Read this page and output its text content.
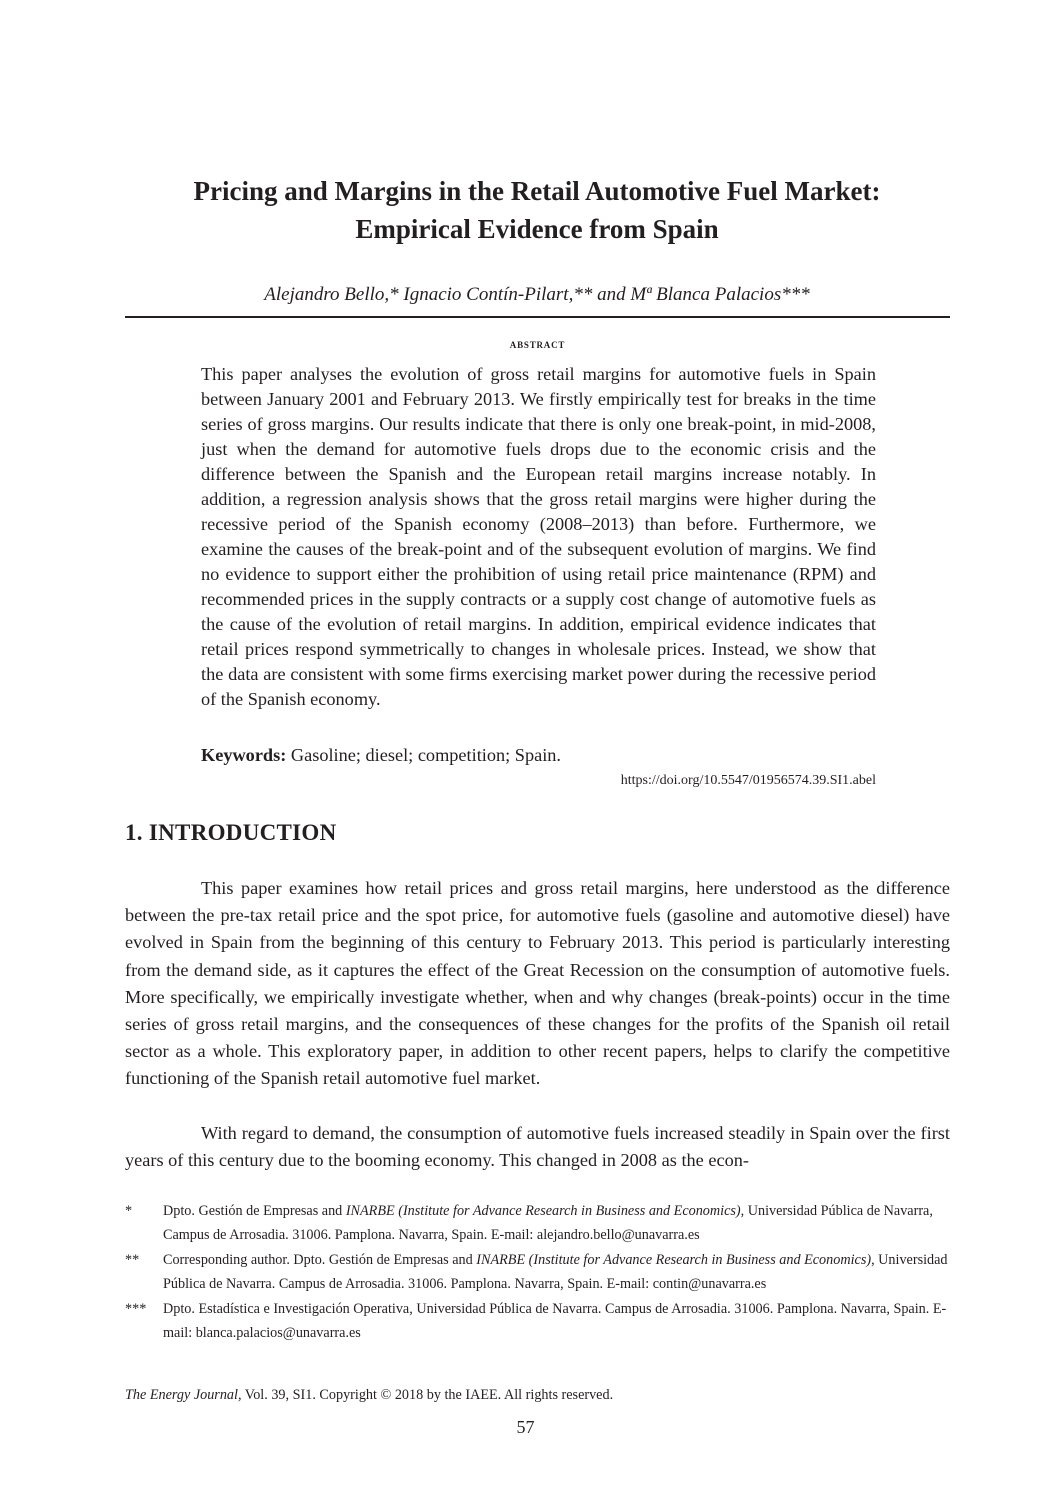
Pricing and Margins in the Retail Automotive Fuel Market:
Empirical Evidence from Spain
Alejandro Bello,* Ignacio Contín-Pilart,** and Mª Blanca Palacios***
abstract
This paper analyses the evolution of gross retail margins for automotive fuels in Spain between January 2001 and February 2013. We firstly empirically test for breaks in the time series of gross margins. Our results indicate that there is only one break-point, in mid-2008, just when the demand for automotive fuels drops due to the economic crisis and the difference between the Spanish and the European retail margins increase notably. In addition, a regression analysis shows that the gross retail margins were higher during the recessive period of the Spanish economy (2008–2013) than before. Furthermore, we examine the causes of the break-point and of the subsequent evolution of margins. We find no evidence to support either the prohibition of using retail price maintenance (RPM) and recommended prices in the supply contracts or a supply cost change of automotive fuels as the cause of the evolution of retail margins. In addition, empirical evidence indicates that retail prices respond symmetrically to changes in wholesale prices. Instead, we show that the data are consistent with some firms exercising market power during the recessive period of the Spanish economy.
Keywords: Gasoline; diesel; competition; Spain.
https://doi.org/10.5547/01956574.39.SI1.abel
1. INTRODUCTION

This paper examines how retail prices and gross retail margins, here understood as the difference between the pre-tax retail price and the spot price, for automotive fuels (gasoline and automotive diesel) have evolved in Spain from the beginning of this century to February 2013. This period is particularly interesting from the demand side, as it captures the effect of the Great Recession on the consumption of automotive fuels. More specifically, we empirically investigate whether, when and why changes (break-points) occur in the time series of gross retail margins, and the consequences of these changes for the profits of the Spanish oil retail sector as a whole. This exploratory paper, in addition to other recent papers, helps to clarify the competitive functioning of the Spanish retail automotive fuel market.

With regard to demand, the consumption of automotive fuels increased steadily in Spain over the first years of this century due to the booming economy. This changed in 2008 as the econ-

* Dpto. Gestión de Empresas and INARBE (Institute for Advance Research in Business and Economics), Universidad Pública de Navarra, Campus de Arrosadia. 31006. Pamplona. Navarra, Spain. E-mail: alejandro.bello@unavarra.es
** Corresponding author. Dpto. Gestión de Empresas and INARBE (Institute for Advance Research in Business and Economics), Universidad Pública de Navarra. Campus de Arrosadia. 31006. Pamplona. Navarra, Spain. E-mail: contin@unavarra.es
*** Dpto. Estadística e Investigación Operativa, Universidad Pública de Navarra. Campus de Arrosadia. 31006. Pamplona. Navarra, Spain. E-mail: blanca.palacios@unavarra.es
The Energy Journal, Vol. 39, SI1. Copyright © 2018 by the IAEE. All rights reserved.
57
